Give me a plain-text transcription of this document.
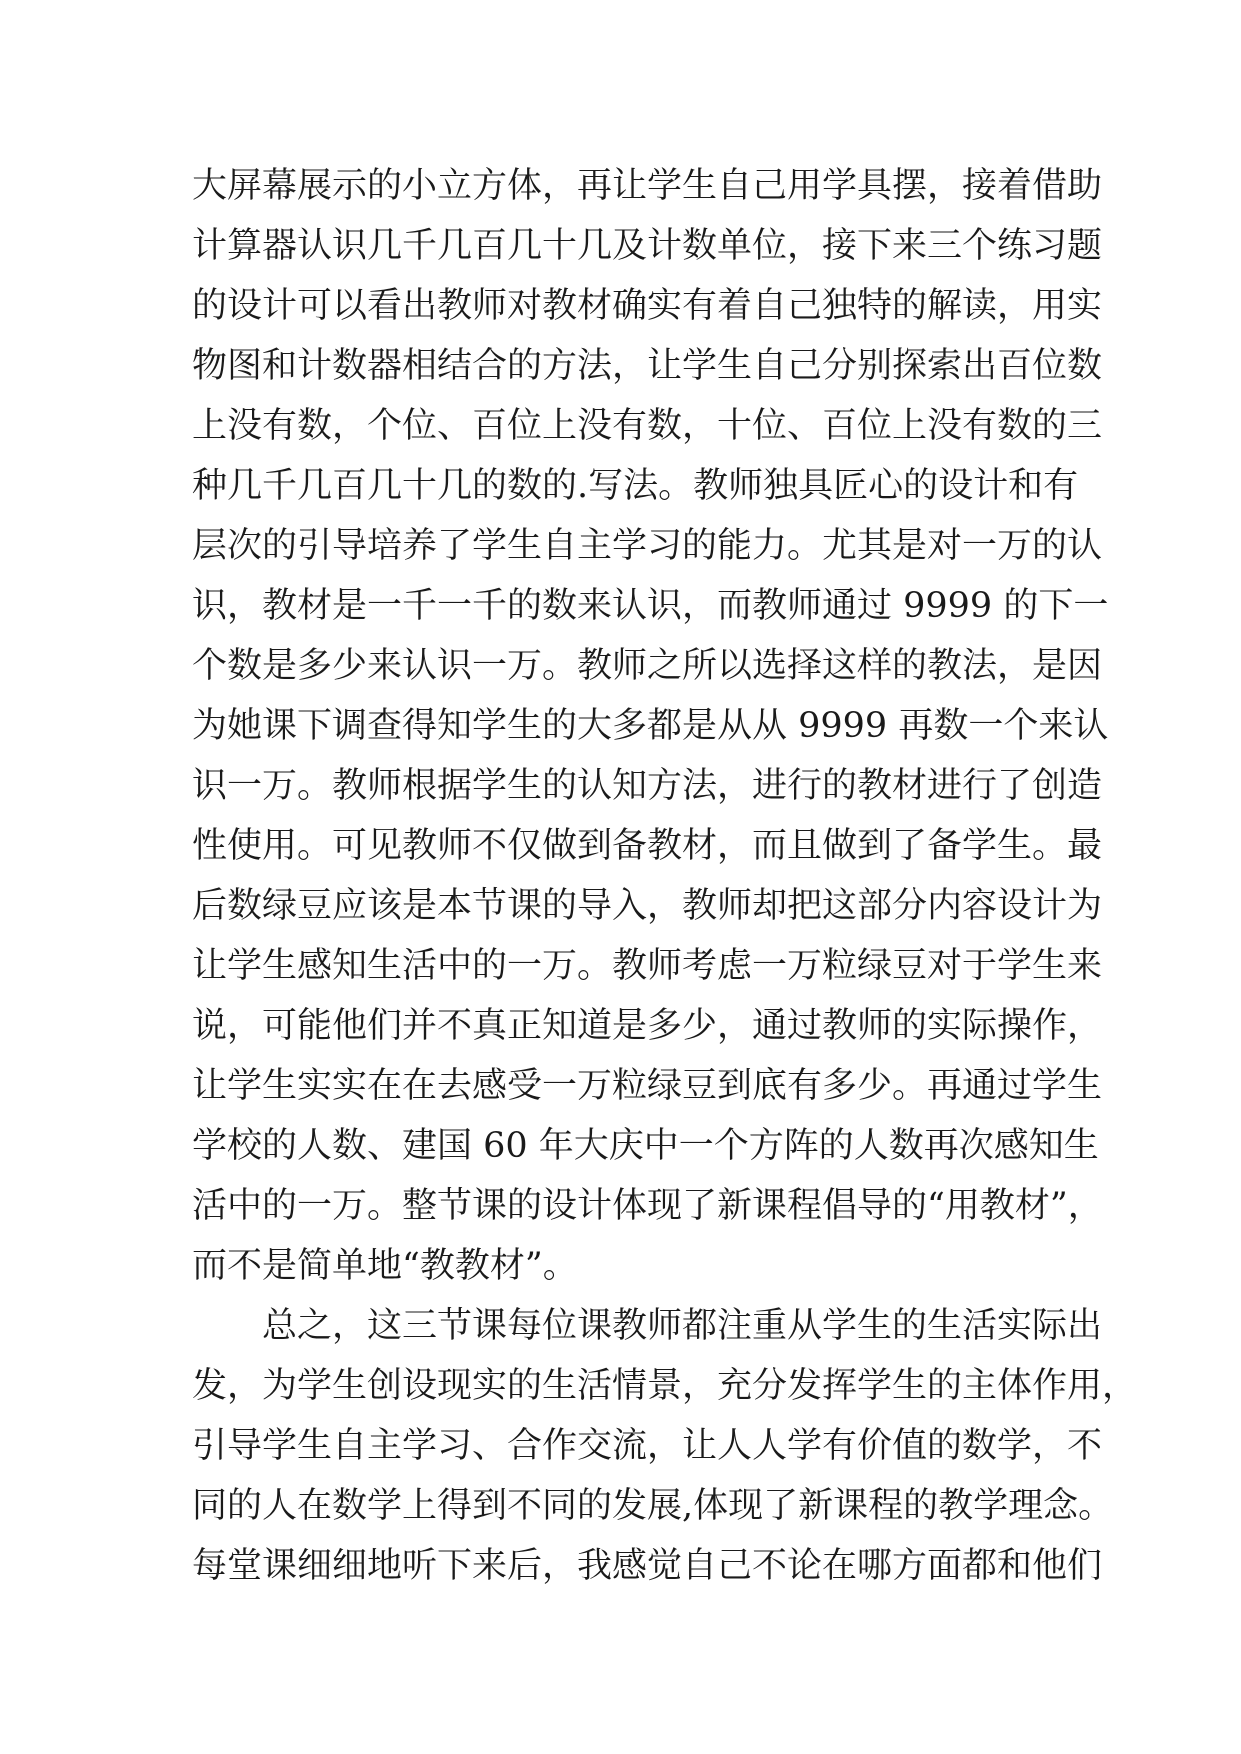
大屏幕展示的小立方体，再让学生自己用学具摆，接着借助
计算器认识几千几百几十几及计数单位，接下来三个练习题
的设计可以看出教师对教材确实有着自己独特的解读，用实
物图和计数器相结合的方法，让学生自己分别探索出百位数
上没有数，个位、百位上没有数，十位、百位上没有数的三
种几千几百几十几的数的.写法。教师独具匠心的设计和有
层次的引导培养了学生自主学习的能力。尤其是对一万的认
识，教材是一千一千的数来认识，而教师通过 9999 的下一
个数是多少来认识一万。教师之所以选择这样的教法，是因
为她课下调查得知学生的大多都是从从 9999 再数一个来认
识一万。教师根据学生的认知方法，进行的教材进行了创造
性使用。可见教师不仅做到备教材，而且做到了备学生。最
后数绿豆应该是本节课的导入，教师却把这部分内容设计为
让学生感知生活中的一万。教师考虑一万粒绿豆对于学生来
说，可能他们并不真正知道是多少，通过教师的实际操作，
让学生实实在在去感受一万粒绿豆到底有多少。再通过学生
学校的人数、建国 60 年大庆中一个方阵的人数再次感知生
活中的一万。整节课的设计体现了新课程倡导的“用教材”，
而不是简单地“教教材”。
总之，这三节课每位课教师都注重从学生的生活实际出
发，为学生创设现实的生活情景，充分发挥学生的主体作用，
引导学生自主学习、合作交流，让人人学有价值的数学，不
同的人在数学上得到不同的发展,体现了新课程的教学理念。
每堂课细细地听下来后，我感觉自己不论在哪方面都和他们
